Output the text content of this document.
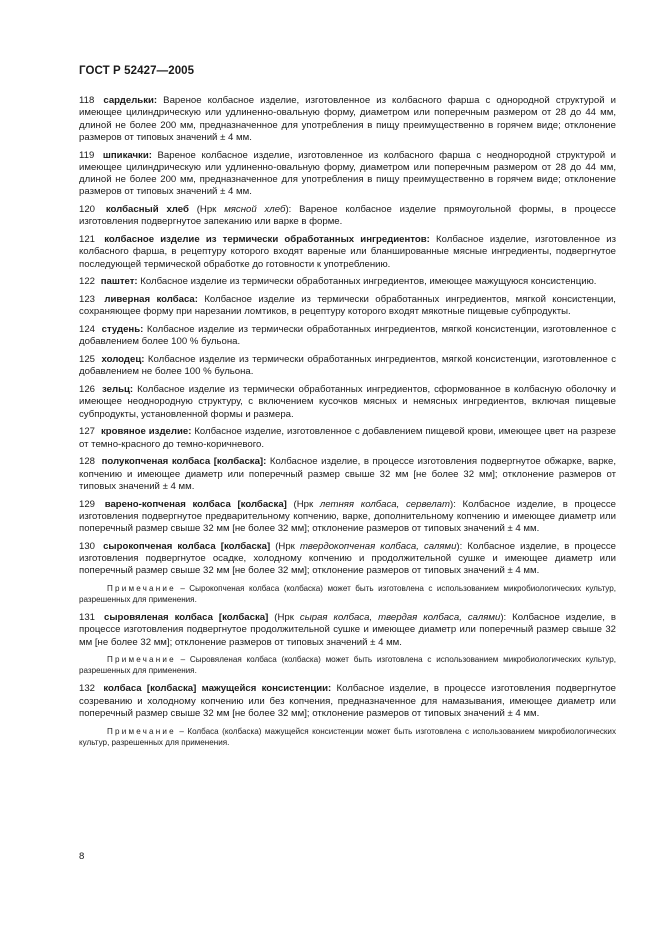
ГОСТ Р 52427—2005

118 сардельки: Вареное колбасное изделие, изготовленное из колбасного фарша с однородной структурой и имеющее цилиндрическую или удлиненно-овальную форму, диаметром или поперечным размером от 28 до 44 мм, длиной не более 200 мм, предназначенное для употребления в пищу преимущественно в горячем виде; отклонение размеров от типовых значений ± 4 мм.

119 шпикачки: Вареное колбасное изделие, изготовленное из колбасного фарша с неоднородной структурой и имеющее цилиндрическую или удлиненно-овальную форму, диаметром или поперечным размером от 28 до 44 мм, длиной не более 200 мм, предназначенное для употребления в пищу преимущественно в горячем виде; отклонение размеров от типовых значений ± 4 мм.

120 колбасный хлеб (Нрк мясной хлеб): Вареное колбасное изделие прямоугольной формы, в процессе изготовления подвергнутое запеканию или варке в форме.

121 колбасное изделие из термически обработанных ингредиентов: Колбасное изделие, изготовленное из колбасного фарша, в рецептуру которого входят вареные или бланшированные мясные ингредиенты, подвергнутое последующей термической обработке до готовности к употреблению.

122 паштет: Колбасное изделие из термически обработанных ингредиентов, имеющее мажущуюся консистенцию.

123 ливерная колбаса: Колбасное изделие из термически обработанных ингредиентов, мягкой консистенции, сохраняющее форму при нарезании ломтиков, в рецептуру которого входят мякотные пищевые субпродукты.

124 студень: Колбасное изделие из термически обработанных ингредиентов, мягкой консистенции, изготовленное с добавлением более 100 % бульона.

125 холодец: Колбасное изделие из термически обработанных ингредиентов, мягкой консистенции, изготовленное с добавлением не более 100 % бульона.

126 зельц: Колбасное изделие из термически обработанных ингредиентов, сформованное в колбасную оболочку и имеющее неоднородную структуру, с включением кусочков мясных и немясных ингредиентов, включая пищевые субпродукты, установленной формы и размера.

127 кровяное изделие: Колбасное изделие, изготовленное с добавлением пищевой крови, имеющее цвет на разрезе от темно-красного до темно-коричневого.

128 полукопченая колбаса [колбаска]: Колбасное изделие, в процессе изготовления подвергнутое обжарке, варке, копчению и имеющее диаметр или поперечный размер свыше 32 мм [не более 32 мм]; отклонение размеров от типовых значений ± 4 мм.

129 варено-копченая колбаса [колбаска] (Нрк летняя колбаса, сервелат): Колбасное изделие, в процессе изготовления подвергнутое предварительному копчению, варке, дополнительному копчению и имеющее диаметр или поперечный размер свыше 32 мм [не более 32 мм]; отклонение размеров от типовых значений ± 4 мм.

130 сырокопченая колбаса [колбаска] (Нрк твердокопченая колбаса, салями): Колбасное изделие, в процессе изготовления подвергнутое осадке, холодному копчению и продолжительной сушке и имеющее диаметр или поперечный размер свыше 32 мм [не более 32 мм]; отклонение размеров от типовых значений ± 4 мм.

Примечание – Сырокопченая колбаса (колбаска) может быть изготовлена с использованием микробиологических культур, разрешенных для применения.

131 сыровяленая колбаса [колбаска] (Нрк сырая колбаса, твердая колбаса, салями): Колбасное изделие, в процессе изготовления подвергнутое продолжительной сушке и имеющее диаметр или поперечный размер свыше 32 мм [не более 32 мм]; отклонение размеров от типовых значений ± 4 мм.

Примечание – Сыровяленая колбаса (колбаска) может быть изготовлена с использованием микробиологических культур, разрешенных для применения.

132 колбаса [колбаска] мажущейся консистенции: Колбасное изделие, в процессе изготовления подвергнутое созреванию и холодному копчению или без копчения, предназначенное для намазывания, имеющее диаметр или поперечный размер свыше 32 мм [не более 32 мм]; отклонение размеров от типовых значений ± 4 мм.

Примечание – Колбаса (колбаска) мажущейся консистенции может быть изготовлена с использованием микробиологических культур, разрешенных для применения.

8
